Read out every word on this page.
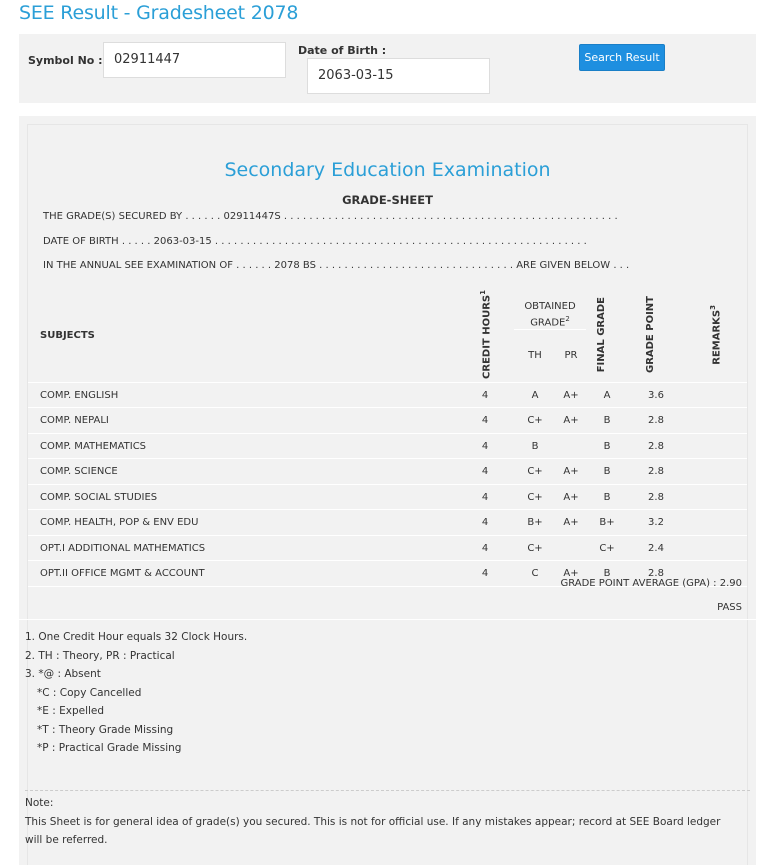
SEE Result - Gradesheet 2078
Symbol No : 02911447
Date of Birth :
2063-03-15
Search Result
Secondary Education Examination
GRADE-SHEET
THE GRADE(S) SECURED BY . . . . . . 02911447S . . . . . . . . . . . . . . . . . . . . . . . . . . . . . . . . . . . . . . . . . . . . . . . . . . . . .
DATE OF BIRTH . . . . . 2063-03-15 . . . . . . . . . . . . . . . . . . . . . . . . . . . . . . . . . . . . . . . . . . . . . . . . . . . . . . . . . . .
IN THE ANNUAL SEE EXAMINATION OF . . . . . . 2078 BS . . . . . . . . . . . . . . . . . . . . . . . . . . . . . . . ARE GIVEN BELOW . . .
SUBJECTS	CREDIT HOURS$^1$	OBTAINED GRADE$^2$		FINAL GRADE	GRADE POINT	REMARKS$^3$
		TH	PR			
COMP. ENGLISH	4	A	A+	A	3.6	
COMP. NEPALI	4	C+	A+	B	2.8	
COMP. MATHEMATICS	4	B		B	2.8	
COMP. SCIENCE	4	C+	A+	B	2.8	
COMP. SOCIAL STUDIES	4	C+	A+	B	2.8	
COMP. HEALTH, POP & ENV EDU	4	B+	A+	B+	3.2	
OPT.I ADDITIONAL MATHEMATICS	4	C+		C+	2.4	
OPT.II OFFICE MGMT & ACCOUNT	4	C	A+	B	2.8	
GRADE POINT AVERAGE (GPA) : 2.90
PASS
1. One Credit Hour equals 32 Clock Hours.
2. TH : Theory, PR : Practical
3. *@ : Absent
*C : Copy Cancelled
*E : Expelled
*T : Theory Grade Missing
*P : Practical Grade Missing
Note:
This Sheet is for general idea of grade(s) you secured. This is not for official use. If any mistakes appear; record at SEE Board ledger will be referred.
